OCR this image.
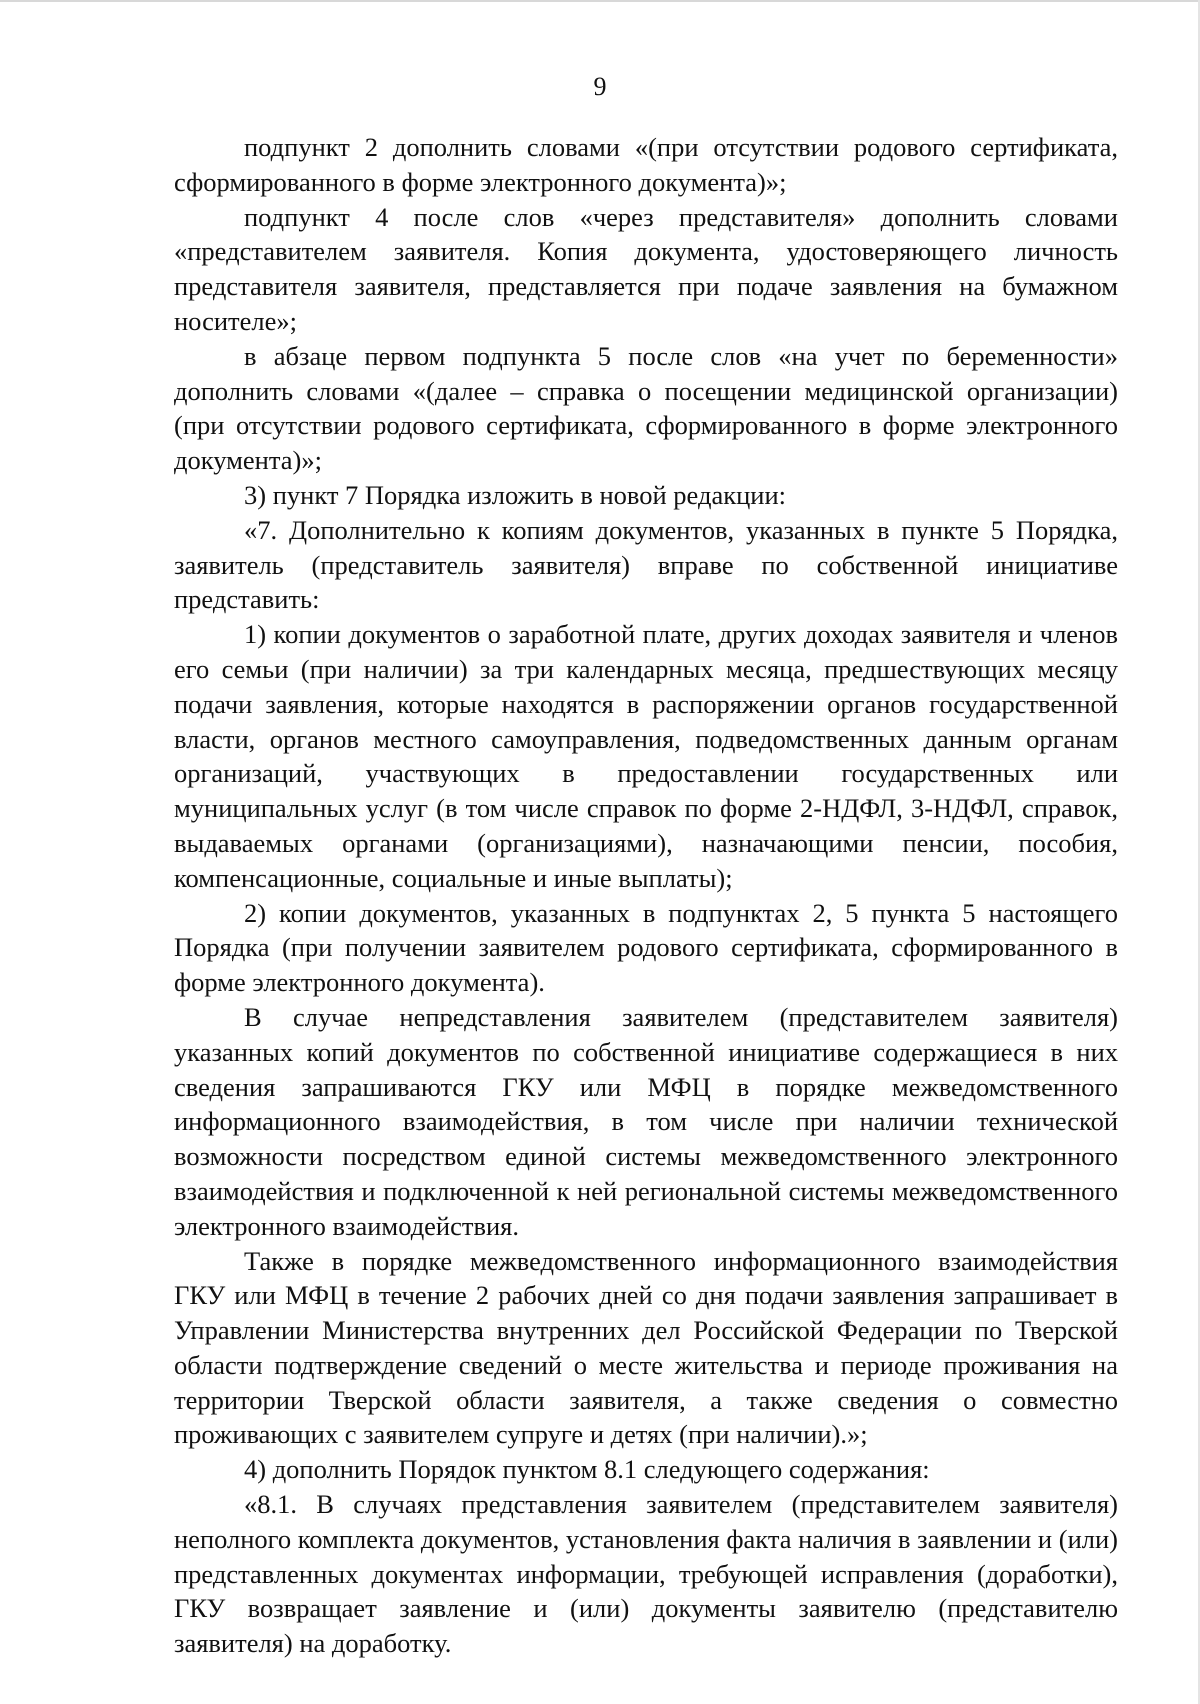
9

подпункт 2 дополнить словами «(при отсутствии родового сертификата, сформированного в форме электронного документа)»;

подпункт 4 после слов «через представителя» дополнить словами «представителем заявителя. Копия документа, удостоверяющего личность представителя заявителя, представляется при подаче заявления на бумажном носителе»;

в абзаце первом подпункта 5 после слов «на учет по беременности» дополнить словами «(далее – справка о посещении медицинской организации) (при отсутствии родового сертификата, сформированного в форме электронного документа)»;

3) пункт 7 Порядка изложить в новой редакции:

«7. Дополнительно к копиям документов, указанных в пункте 5 Порядка, заявитель (представитель заявителя) вправе по собственной инициативе представить:

1) копии документов о заработной плате, других доходах заявителя и членов его семьи (при наличии) за три календарных месяца, предшествующих месяцу подачи заявления, которые находятся в распоряжении органов государственной власти, органов местного самоуправления, подведомственных данным органам организаций, участвующих в предоставлении государственных или муниципальных услуг (в том числе справок по форме 2-НДФЛ, 3-НДФЛ, справок, выдаваемых органами (организациями), назначающими пенсии, пособия, компенсационные, социальные и иные выплаты);

2) копии документов, указанных в подпунктах 2, 5 пункта 5 настоящего Порядка (при получении заявителем родового сертификата, сформированного в форме электронного документа).

В случае непредставления заявителем (представителем заявителя) указанных копий документов по собственной инициативе содержащиеся в них сведения запрашиваются ГКУ или МФЦ в порядке межведомственного информационного взаимодействия, в том числе при наличии технической возможности посредством единой системы межведомственного электронного взаимодействия и подключенной к ней региональной системы межведомственного электронного взаимодействия.

Также в порядке межведомственного информационного взаимодействия ГКУ или МФЦ в течение 2 рабочих дней со дня подачи заявления запрашивает в Управлении Министерства внутренних дел Российской Федерации по Тверской области подтверждение сведений о месте жительства и периоде проживания на территории Тверской области заявителя, а также сведения о совместно проживающих с заявителем супруге и детях (при наличии).»;

4) дополнить Порядок пунктом 8.1 следующего содержания:

«8.1. В случаях представления заявителем (представителем заявителя) неполного комплекта документов, установления факта наличия в заявлении и (или) представленных документах информации, требующей исправления (доработки), ГКУ возвращает заявление и (или) документы заявителю (представителю заявителя) на доработку.
